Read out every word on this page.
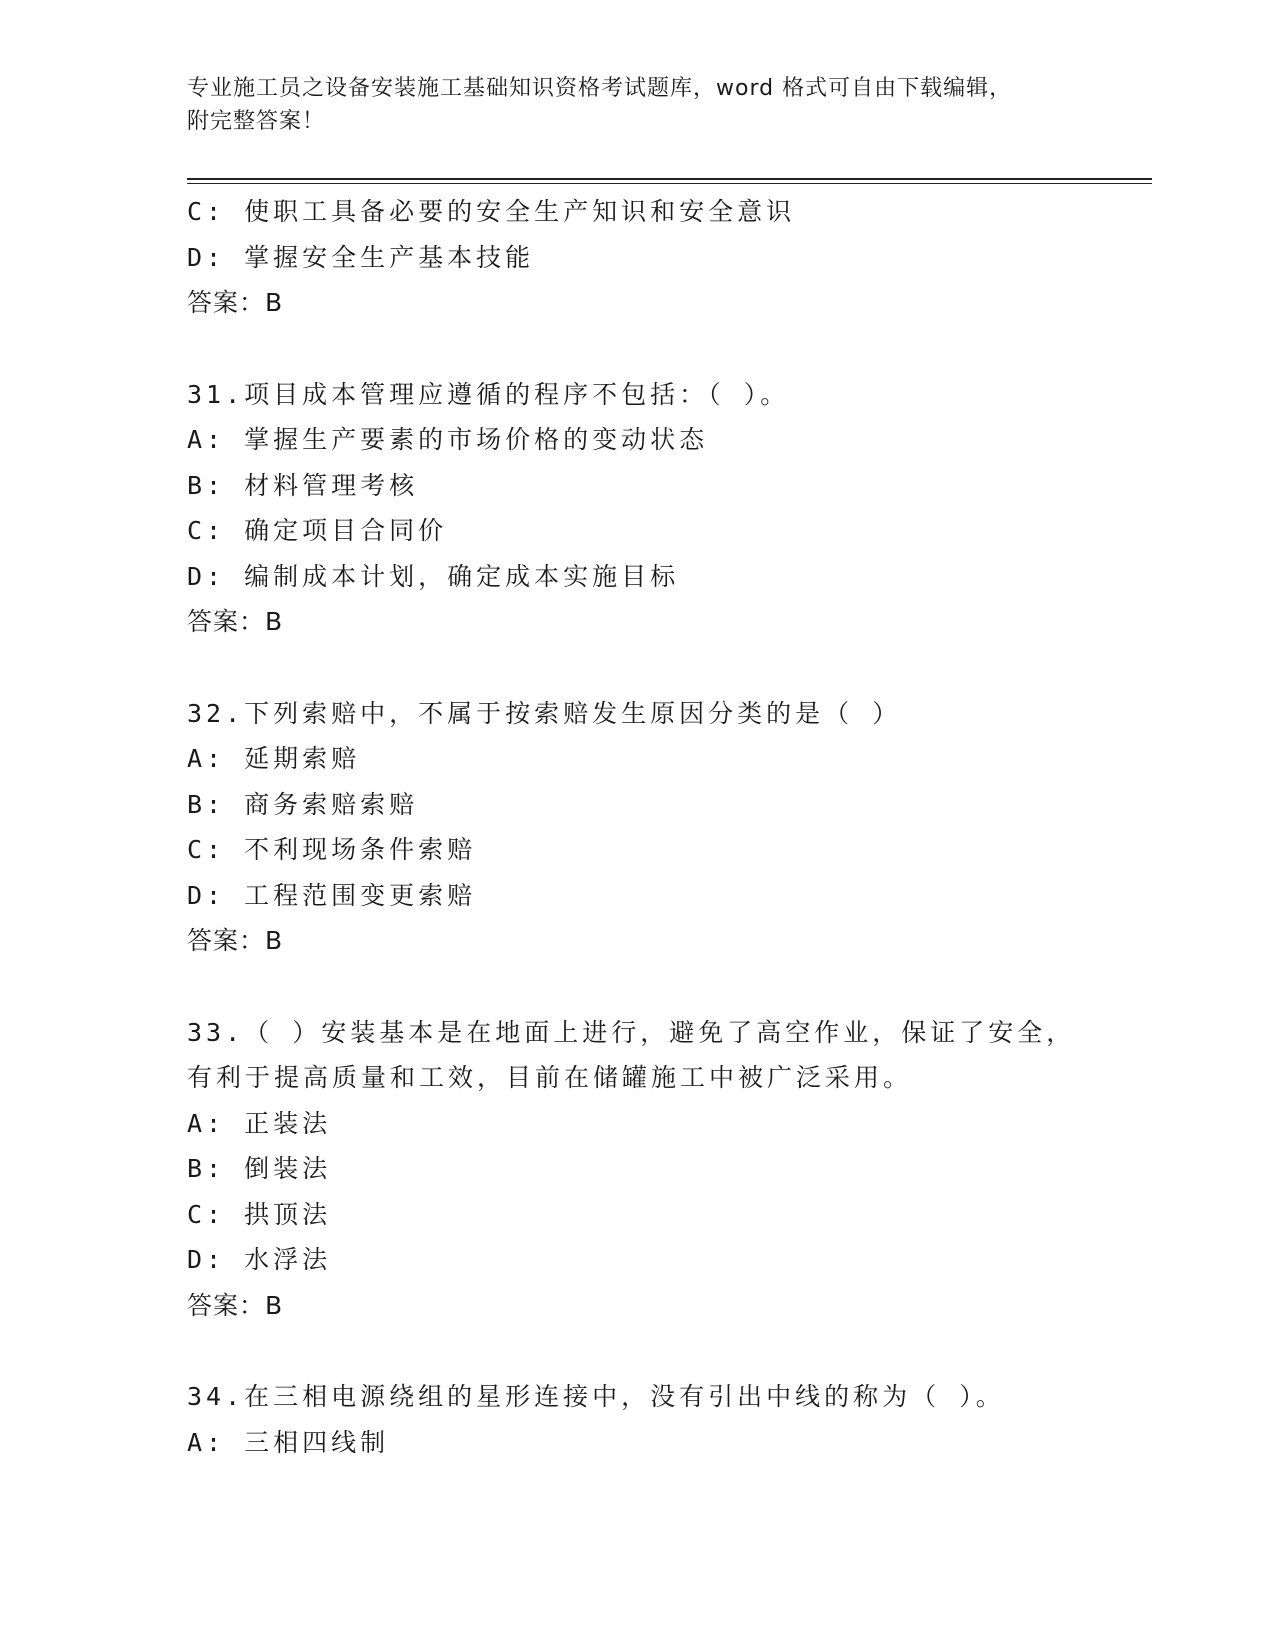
专业施工员之设备安装施工基础知识资格考试题库，word 格式可自由下载编辑，
附完整答案！
C: 使职工具备必要的安全生产知识和安全意识
D: 掌握安全生产基本技能
答案：B
31.项目成本管理应遵循的程序不包括：（ ）。
A: 掌握生产要素的市场价格的变动状态
B: 材料管理考核
C: 确定项目合同价
D: 编制成本计划，确定成本实施目标
答案：B
32.下列索赔中，不属于按索赔发生原因分类的是（ ）
A: 延期索赔
B: 商务索赔索赔
C: 不利现场条件索赔
D: 工程范围变更索赔
答案：B
33.（ ）安装基本是在地面上进行，避免了高空作业，保证了安全，
有利于提高质量和工效，目前在储罐施工中被广泛采用。
A: 正装法
B: 倒装法
C: 拱顶法
D: 水浮法
答案：B
34.在三相电源绕组的星形连接中，没有引出中线的称为（ ）。
A: 三相四线制
